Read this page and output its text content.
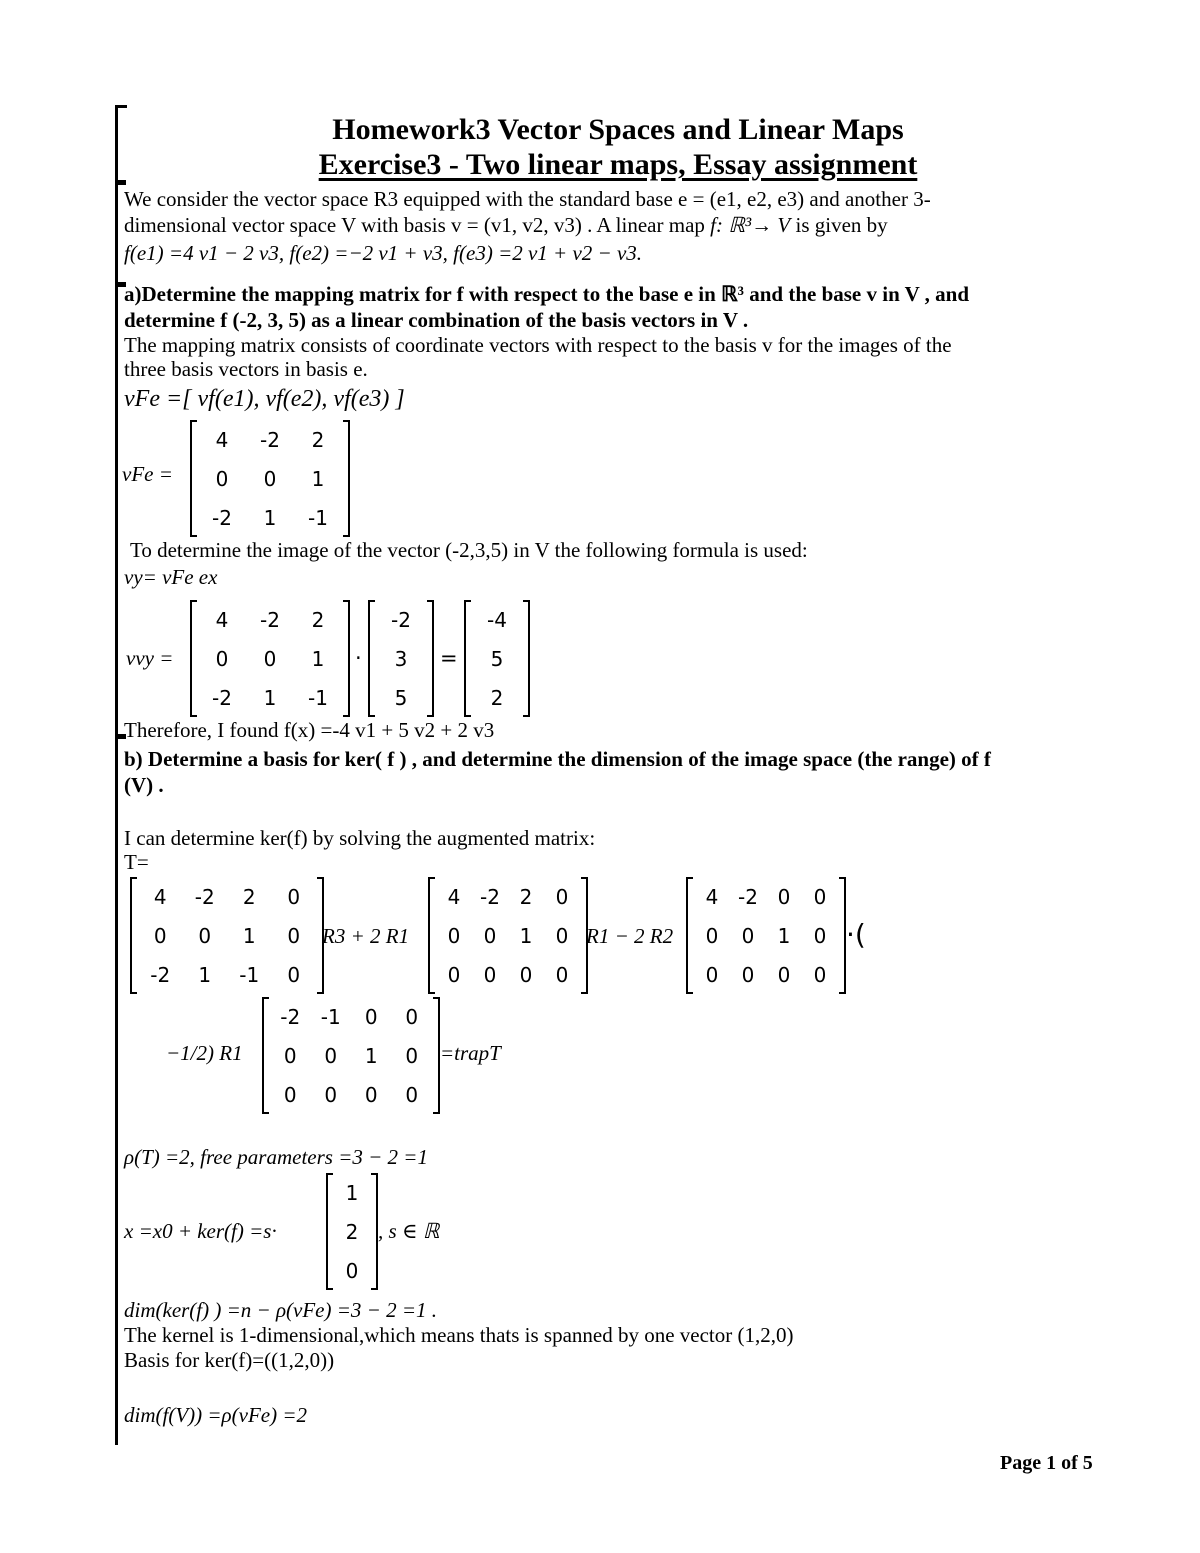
Homework3 Vector Spaces and Linear Maps
Exercise3 - Two linear maps, Essay assignment
We consider the vector space R3 equipped with the standard base e = (e1, e2, e3) and another 3-
dimensional vector space V with basis v = (v1, v2, v3) . A linear map f: ℝ³→ V is given by
f(e1) =4 v1 − 2 v3, f(e2) =−2 v1 + v3, f(e3) =2 v1 + v2 − v3.
a)Determine the mapping matrix for f with respect to the base e in ℝ³ and the base v in V , and
determine f (-2, 3, 5) as a linear combination of the basis vectors in V .
The mapping matrix consists of coordinate vectors with respect to the basis v for the images of the
three basis vectors in basis e.
vFe =[ vf(e1), vf(e2), vf(e3) ]
vFe =
4	-2	2
0	0	1
-2	1	-1
To determine the image of the vector (-2,3,5) in V the following formula is used:
vy= vFe ex
vvy =
4	-2	2
0	0	1
-2	1	-1
·
-2
3
5
=
-4
5
2
Therefore, I found f(x) =-4 v1 + 5 v2 + 2 v3
b) Determine a basis for ker( f ) , and determine the dimension of the image space (the range) of f
(V) .
I can determine ker(f) by solving the augmented matrix:
T=
4	-2	2	0
0	0	1	0
-2	1	-1	0
R3 + 2 R1
4	-2	2	0
0	0	1	0
0	0	0	0
R1 − 2 R2
4	-2	0	0
0	0	1	0
0	0	0	0
·(
−1/2) R1
-2	-1	0	0
0	0	1	0
0	0	0	0
=trapT
ρ(T) =2, free parameters =3 − 2 =1
x =x0 + ker(f) =s·
1
2
0
, s ∈ ℝ
dim(ker(f) ) =n − ρ(vFe) =3 − 2 =1 .
The kernel is 1-dimensional,which means thats is spanned by one vector (1,2,0)
Basis for ker(f)=((1,2,0))
dim(f(V)) =ρ(vFe) =2
Page 1 of 5
